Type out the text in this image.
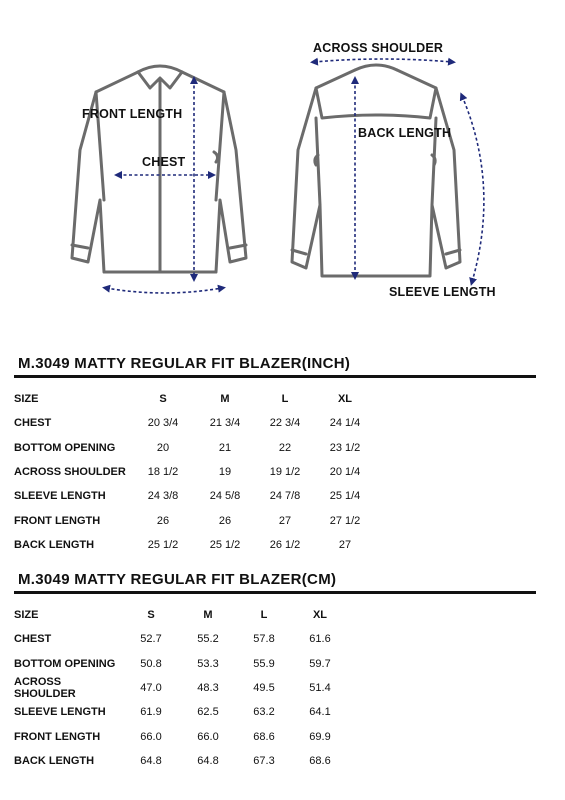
FRONT LENGTH
CHEST
ACROSS SHOULDER
BACK LENGTH
SLEEVE LENGTH
M.3049 MATTY REGULAR FIT BLAZER(INCH)
SIZE	S	M	L	XL
CHEST	20 3/4	21 3/4	22 3/4	24 1/4
BOTTOM OPENING	20	21	22	23 1/2
ACROSS SHOULDER	18 1/2	19	19 1/2	20 1/4
SLEEVE LENGTH	24 3/8	24 5/8	24 7/8	25 1/4
FRONT LENGTH	26	26	27	27 1/2
BACK LENGTH	25 1/2	25 1/2	26 1/2	27
M.3049 MATTY REGULAR FIT BLAZER(CM)
SIZE	S	M	L	XL
CHEST	52.7	55.2	57.8	61.6
BOTTOM OPENING	50.8	53.3	55.9	59.7
ACROSS SHOULDER	47.0	48.3	49.5	51.4
SLEEVE LENGTH	61.9	62.5	63.2	64.1
FRONT LENGTH	66.0	66.0	68.6	69.9
BACK LENGTH	64.8	64.8	67.3	68.6
